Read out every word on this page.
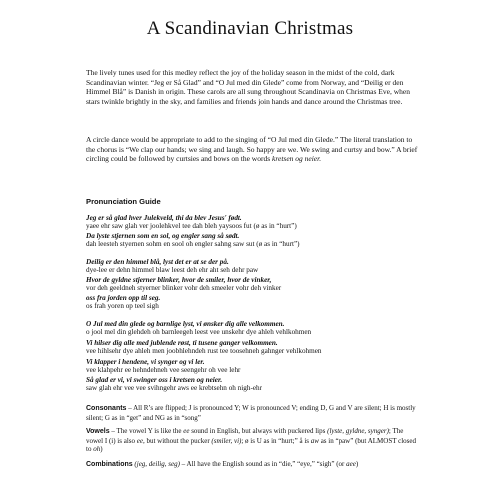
A Scandinavian Christmas

The lively tunes used for this medley reflect the joy of the holiday season in the midst of the cold, dark Scandinavian winter. “Jeg er Så Glad” and “O Jul med din Glede” come from Norway, and “Deilig er den Himmel Blå” is Danish in origin. These carols are all sung throughout Scandinavia on Christmas Eve, when stars twinkle brightly in the sky, and families and friends join hands and dance around the Christmas tree.

A circle dance would be appropriate to add to the singing of “O Jul med din Glede.” The literal translation to the chorus is “We clap our hands; we sing and laugh. So happy are we. We swing and curtsy and bow.” A brief circling could be followed by curtsies and bows on the words kretsen og neier.

Pronunciation Guide
Jeg er så glad hver Julekveld, thi da blev Jesus' født.
yaee ehr saw glah ver joolehkvel tee dah bleh yaysoos fut (ø as in “hurt”)
Da lyste stjernen som en sol, og engler sang så sødt.
dah leesteh styernen sohm en sool oh engler sahng saw sut (ø as in “hurt”)
Deilig er den himmel blå, lyst det er at se der på.
dye-lee er dehn himmel blaw leest deh ehr aht seh dehr paw
Hvor de gyldne stjerner blinker, hvor de smiler, hvor de vinker,
vor deh geeldneh styerner blinker vohr deh smeeler vohr deh vinker
oss fra jorden opp til seg.
os frah yoren op teel sigh
O Jul med din glede og barnlige lyst, vi ønsker dig alle velkommen.
o jool mel din glehdeh oh barnleegeh leest vee unskehr dye ahleh vehlkohmen
Vi hilser dig alle med jublende røst, ti tusene ganger velkommen.
vee hihlsehr dye ahleh men joobhlehndeh rust tee toosehneh gahnger vehlkohmen
Vi klapper i hendene, vi synger og vi ler.
vee klahpehr ee hehndehneh vee seengehr oh vee lehr
Så glad er vi, vi swinger oss i kretsen og neier.
saw glah ehr vee vee svihngehr aws ee krebtsehn oh nigh-ehr
Consonants – All R’s are flipped; J is pronounced Y; W is pronounced V; ending D, G and V are silent; H is mostly silent; G as in “get” and NG as in “song”
Vowels – The vowel Y is like the ee sound in English, but always with puckered lips (lyste, gyldne, synger); The vowel I (i) is also ee, but without the pucker (smiler, vi); ø is U as in “hurt;” å is aw as in “paw” (but ALMOST closed to oh)
Combinations (jeg, deilig, seg) – All have the English sound as in “die,” “eye,” “sigh” (or aee)
